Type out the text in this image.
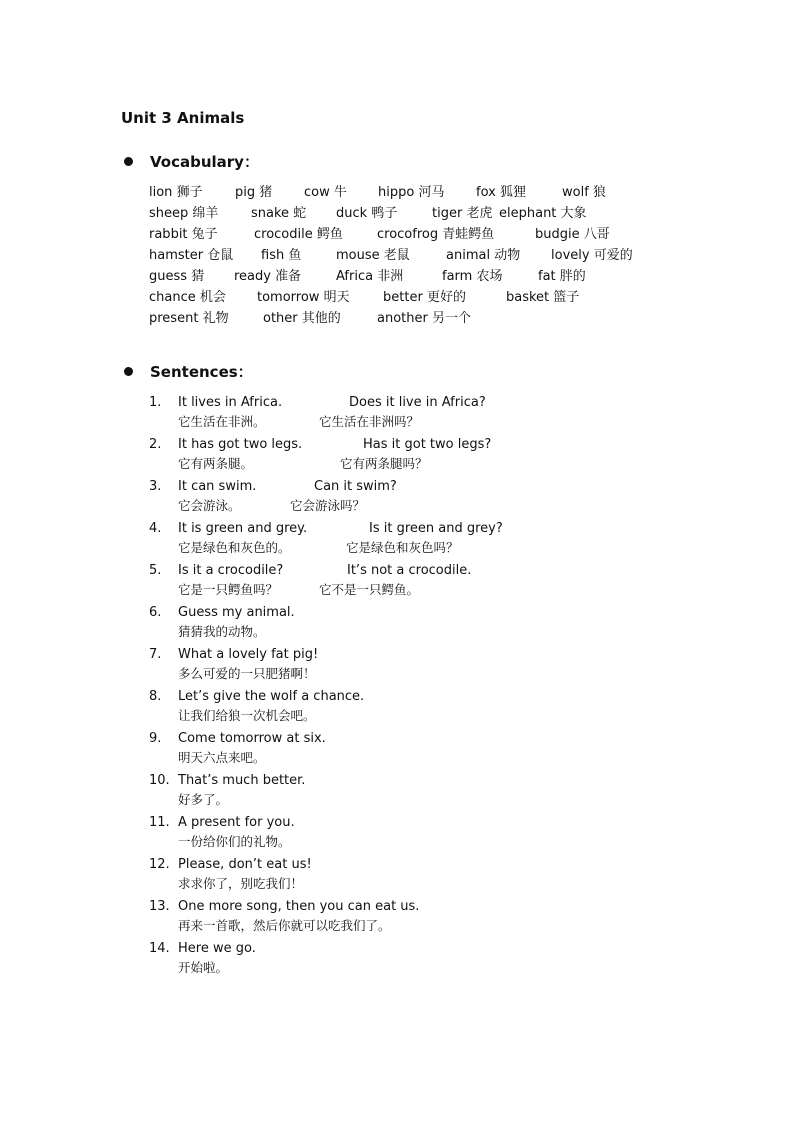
Unit 3 Animals
Vocabulary：
lion 狮子 pig 猪 cow 牛 hippo 河马 fox 狐狸	wolf 狼
sheep 绵羊	snake 蛇 duck 鸭子	tiger 老虎 elephant 大象
rabbit 兔子	crocodile 鳄鱼	crocofrog 青蛙鳄鱼	budgie 八哥
hamster 仓鼠 fish 鱼	mouse 老鼠	animal 动物 lovely 可爱的
guess 猜 ready 准备	Africa 非洲	farm 农场	fat 胖的
chance 机会 tomorrow 明天	better 更好的	basket 篮子
present 礼物	other 其他的	another 另一个
Sentences：
1. It lives in Africa.
它生活在非洲。
Does it live in Africa?
它生活在非洲吗？
2. It has got two legs.
它有两条腿。
Has it got two legs?
它有两条腿吗？
3. It can swim.
它会游泳。
Can it swim?
它会游泳吗？
4. It is green and grey.
它是绿色和灰色的。
Is it green and grey?
它是绿色和灰色吗？
5. Is it a crocodile?
它是一只鳄鱼吗？
It’s not a crocodile.
它不是一只鳄鱼。
6. Guess my animal.
猜猜我的动物。
7. What a lovely fat pig!
多么可爱的一只肥猪啊！
8. Let’s give the wolf a chance.
让我们给狼一次机会吧。
9. Come tomorrow at six.
明天六点来吧。
10. That’s much better.
好多了。
11. A present for you.
一份给你们的礼物。
12. Please, don’t eat us!
求求你了，别吃我们！
13. One more song, then you can eat us.
再来一首歌，然后你就可以吃我们了。
14. Here we go.
开始啦。
